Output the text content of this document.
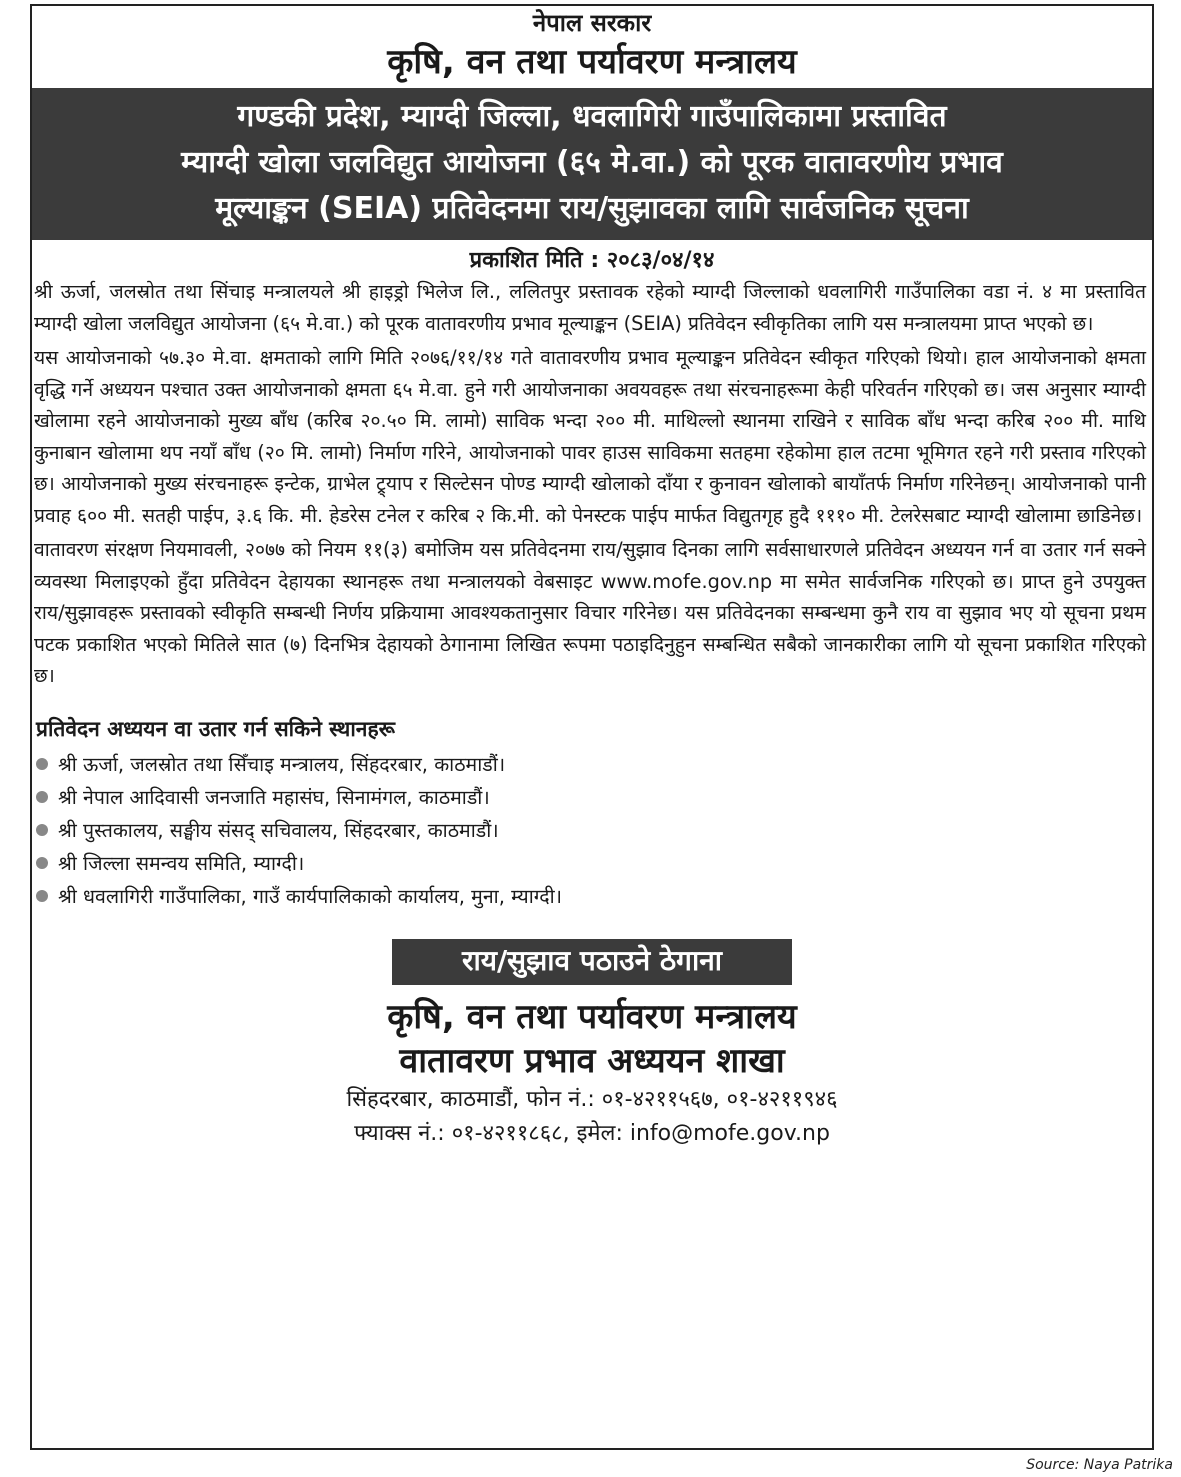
नेपाल सरकार
कृषि, वन तथा पर्यावरण मन्त्रालय
गण्डकी प्रदेश, म्याग्दी जिल्ला, धवलागिरी गाउँपालिकामा प्रस्तावित
म्याग्दी खोला जलविद्युत आयोजना (६५ मे.वा.) को पूरक वातावरणीय प्रभाव
मूल्याङ्कन (SEIA) प्रतिवेदनमा राय/सुझावका लागि सार्वजनिक सूचना
प्रकाशित मिति : २०८३/०४/१४

श्री ऊर्जा, जलस्रोत तथा सिंचाइ मन्त्रालयले श्री हाइड्रो भिलेज लि., ललितपुर प्रस्तावक रहेको म्याग्दी जिल्लाको धवलागिरी गाउँपालिका वडा नं. ४ मा प्रस्तावित म्याग्दी खोला जलविद्युत आयोजना (६५ मे.वा.) को पूरक वातावरणीय प्रभाव मूल्याङ्कन (SEIA) प्रतिवेदन स्वीकृतिका लागि यस मन्त्रालयमा प्राप्त भएको छ।

यस आयोजनाको ५७.३० मे.वा. क्षमताको लागि मिति २०७६/११/१४ गते वातावरणीय प्रभाव मूल्याङ्कन प्रतिवेदन स्वीकृत गरिएको थियो। हाल आयोजनाको क्षमता वृद्धि गर्ने अध्ययन पश्चात उक्त आयोजनाको क्षमता ६५ मे.वा. हुने गरी आयोजनाका अवयवहरू तथा संरचनाहरूमा केही परिवर्तन गरिएको छ। जस अनुसार म्याग्दी खोलामा रहने आयोजनाको मुख्य बाँध (करिब २०.५० मि. लामो) साविक भन्दा २०० मी. माथिल्लो स्थानमा राखिने र साविक बाँध भन्दा करिब २०० मी. माथि कुनाबान खोलामा थप नयाँ बाँध (२० मि. लामो) निर्माण गरिने, आयोजनाको पावर हाउस साविकमा सतहमा रहेकोमा हाल तटमा भूमिगत रहने गरी प्रस्ताव गरिएको छ। आयोजनाको मुख्य संरचनाहरू इन्टेक, ग्राभेल ट्र्याप र सिल्टेसन पोण्ड म्याग्दी खोलाको दाँया र कुनावन खोलाको बायाँतर्फ निर्माण गरिनेछन्। आयोजनाको पानी प्रवाह ६०० मी. सतही पाईप, ३.६ कि. मी. हेडरेस टनेल र करिब २ कि.मी. को पेनस्टक पाईप मार्फत विद्युतगृह हुदै १११० मी. टेलरेसबाट म्याग्दी खोलामा छाडिनेछ।

वातावरण संरक्षण नियमावली, २०७७ को नियम ११(३) बमोजिम यस प्रतिवेदनमा राय/सुझाव दिनका लागि सर्वसाधारणले प्रतिवेदन अध्ययन गर्न वा उतार गर्न सक्ने व्यवस्था मिलाइएको हुँदा प्रतिवेदन देहायका स्थानहरू तथा मन्त्रालयको वेबसाइट www.mofe.gov.np मा समेत सार्वजनिक गरिएको छ। प्राप्त हुने उपयुक्त राय/सुझावहरू प्रस्तावको स्वीकृति सम्बन्धी निर्णय प्रक्रियामा आवश्यकतानुसार विचार गरिनेछ। यस प्रतिवेदनका सम्बन्धमा कुनै राय वा सुझाव भए यो सूचना प्रथम पटक प्रकाशित भएको मितिले सात (७) दिनभित्र देहायको ठेगानामा लिखित रूपमा पठाइदिनुहुन सम्बन्धित सबैको जानकारीका लागि यो सूचना प्रकाशित गरिएको छ।

प्रतिवेदन अध्ययन वा उतार गर्न सकिने स्थानहरू
श्री ऊर्जा, जलस्रोत तथा सिँचाइ मन्त्रालय, सिंहदरबार, काठमाडौं।
श्री नेपाल आदिवासी जनजाति महासंघ, सिनामंगल, काठमाडौं।
श्री पुस्तकालय, सङ्घीय संसद् सचिवालय, सिंहदरबार, काठमाडौं।
श्री जिल्ला समन्वय समिति, म्याग्दी।
श्री धवलागिरी गाउँपालिका, गाउँ कार्यपालिकाको कार्यालय, मुना, म्याग्दी।
राय/सुझाव पठाउने ठेगाना
कृषि, वन तथा पर्यावरण मन्त्रालय
वातावरण प्रभाव अध्ययन शाखा
सिंहदरबार, काठमाडौं, फोन नं.: ०१-४२११५६७, ०१-४२११९४६
फ्याक्स नं.: ०१-४२११८६८, इमेल: info@mofe.gov.np
Source: Naya Patrika
